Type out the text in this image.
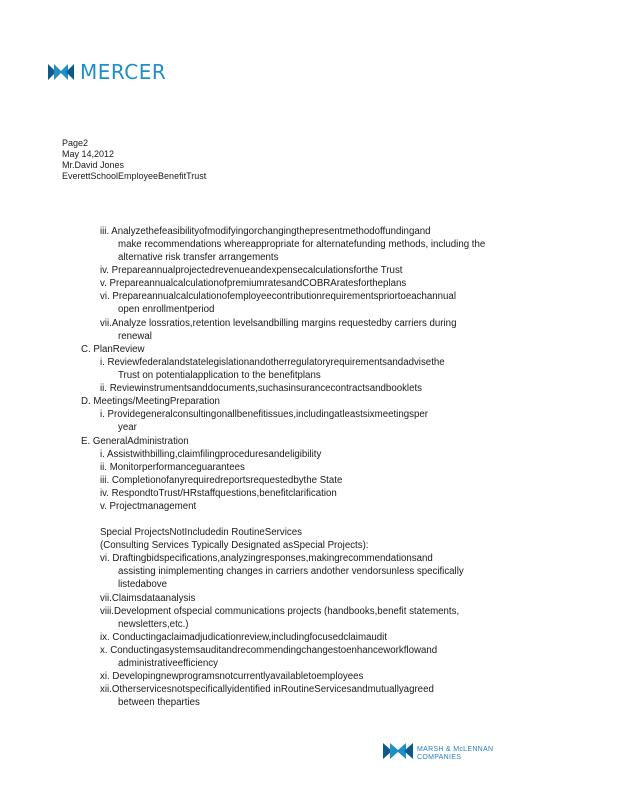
MERCER
Page2
May 14,2012
Mr.David Jones
EverettSchoolEmployeeBenefitTrust
iii. Analyzethefeasibilityofmodifyingorchangingthepresentmethodoffundingand
make recommendations whereappropriate for alternatefunding methods, including the
alternative risk transfer arrangements
iv. Prepareannualprojectedrevenueandexpensecalculationsforthe Trust
v. PrepareannualcalculationofpremiumratesandCOBRAratesfortheplans
vi. Prepareannualcalculationofemployeecontributionrequirementspriortoeachannual
open enrollmentperiod
vii.Analyze lossratios,retention levelsandbilling margins requestedby carriers during
renewal
C. PlanReview
i. Reviewfederalandstatelegislationandotherregulatoryrequirementsandadvisethe
Trust on potentialapplication to the benefitplans
ii. Reviewinstrumentsanddocuments,suchasinsurancecontractsandbooklets
D. Meetings/MeetingPreparation
i. Providegeneralconsultingonallbenefitissues,includingatleastsixmeetingsper
year
E. GeneralAdministration
i. Assistwithbilling,claimfilingproceduresandeligibility
ii. Monitorperformanceguarantees
iii. Completionofanyrequiredreportsrequestedbythe State
iv. RespondtoTrust/HRstaffquestions,benefitclarification
v. Projectmanagement
Special ProjectsNotIncludedin RoutineServices
(Consulting Services Typically Designated asSpecial Projects):
vi. Draftingbidspecifications,analyzingresponses,makingrecommendationsand
assisting inimplementing changes in carriers andother vendorsunless specifically
listedabove
vii.Claimsdataanalysis
viii.Development ofspecial communications projects (handbooks,benefit statements,
newsletters,etc.)
ix. Conductingaclaimadjudicationreview,includingfocusedclaimaudit
x. Conductingasystemsauditandrecommendingchangestoenhanceworkflowand
administrativeefficiency
xi. Developingnewprogramsnotcurrentlyavailabletoemployees
xii.Otherservicesnotspecificallyidentified inRoutineServicesandmutuallyagreed
between theparties
MARSH & McLENNAN
COMPANIES
